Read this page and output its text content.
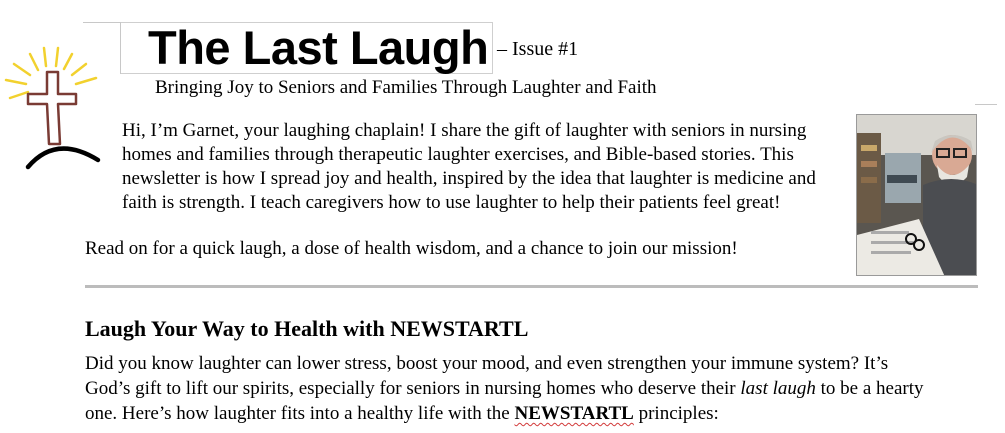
The Last Laugh – Issue #1
Bringing Joy to Seniors and Families Through Laughter and Faith

Hi, I’m Garnet, your laughing chaplain! I share the gift of laughter with seniors in nursing
homes and families through therapeutic laughter exercises, and Bible-based stories. This
newsletter is how I spread joy and health, inspired by the idea that laughter is medicine and
faith is strength. I teach caregivers how to use laughter to help their patients feel great!

Read on for a quick laugh, a dose of health wisdom, and a chance to join our mission!

Laugh Your Way to Health with NEWSTARTL

Did you know laughter can lower stress, boost your mood, and even strengthen your immune system? It’s
God’s gift to lift our spirits, especially for seniors in nursing homes who deserve their last laugh to be a hearty
one. Here’s how laughter fits into a healthy life with the NEWSTARTL principles:
